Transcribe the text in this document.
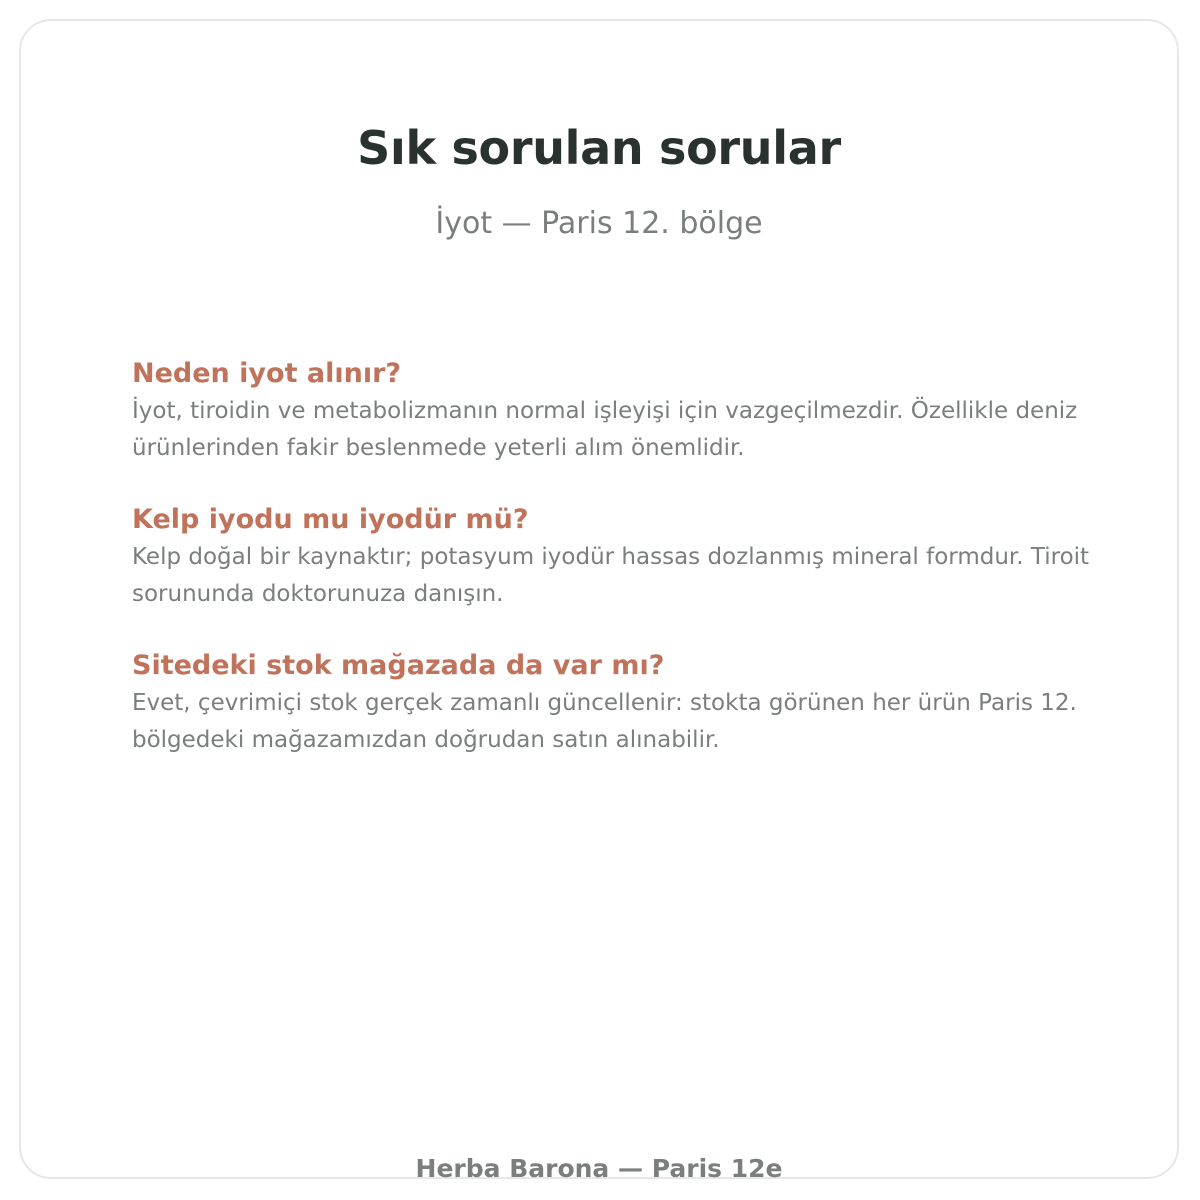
Sık sorulan sorular
İyot — Paris 12. bölge
Neden iyot alınır?
İyot, tiroidin ve metabolizmanın normal işleyişi için vazgeçilmezdir. Özellikle deniz ürünlerinden fakir beslenmede yeterli alım önemlidir.
Kelp iyodu mu iyodür mü?
Kelp doğal bir kaynaktır; potasyum iyodür hassas dozlanmış mineral formdur. Tiroit sorununda doktorunuza danışın.
Sitedeki stok mağazada da var mı?
Evet, çevrimiçi stok gerçek zamanlı güncellenir: stokta görünen her ürün Paris 12. bölgedeki mağazamızdan doğrudan satın alınabilir.
Herba Barona — Paris 12e
